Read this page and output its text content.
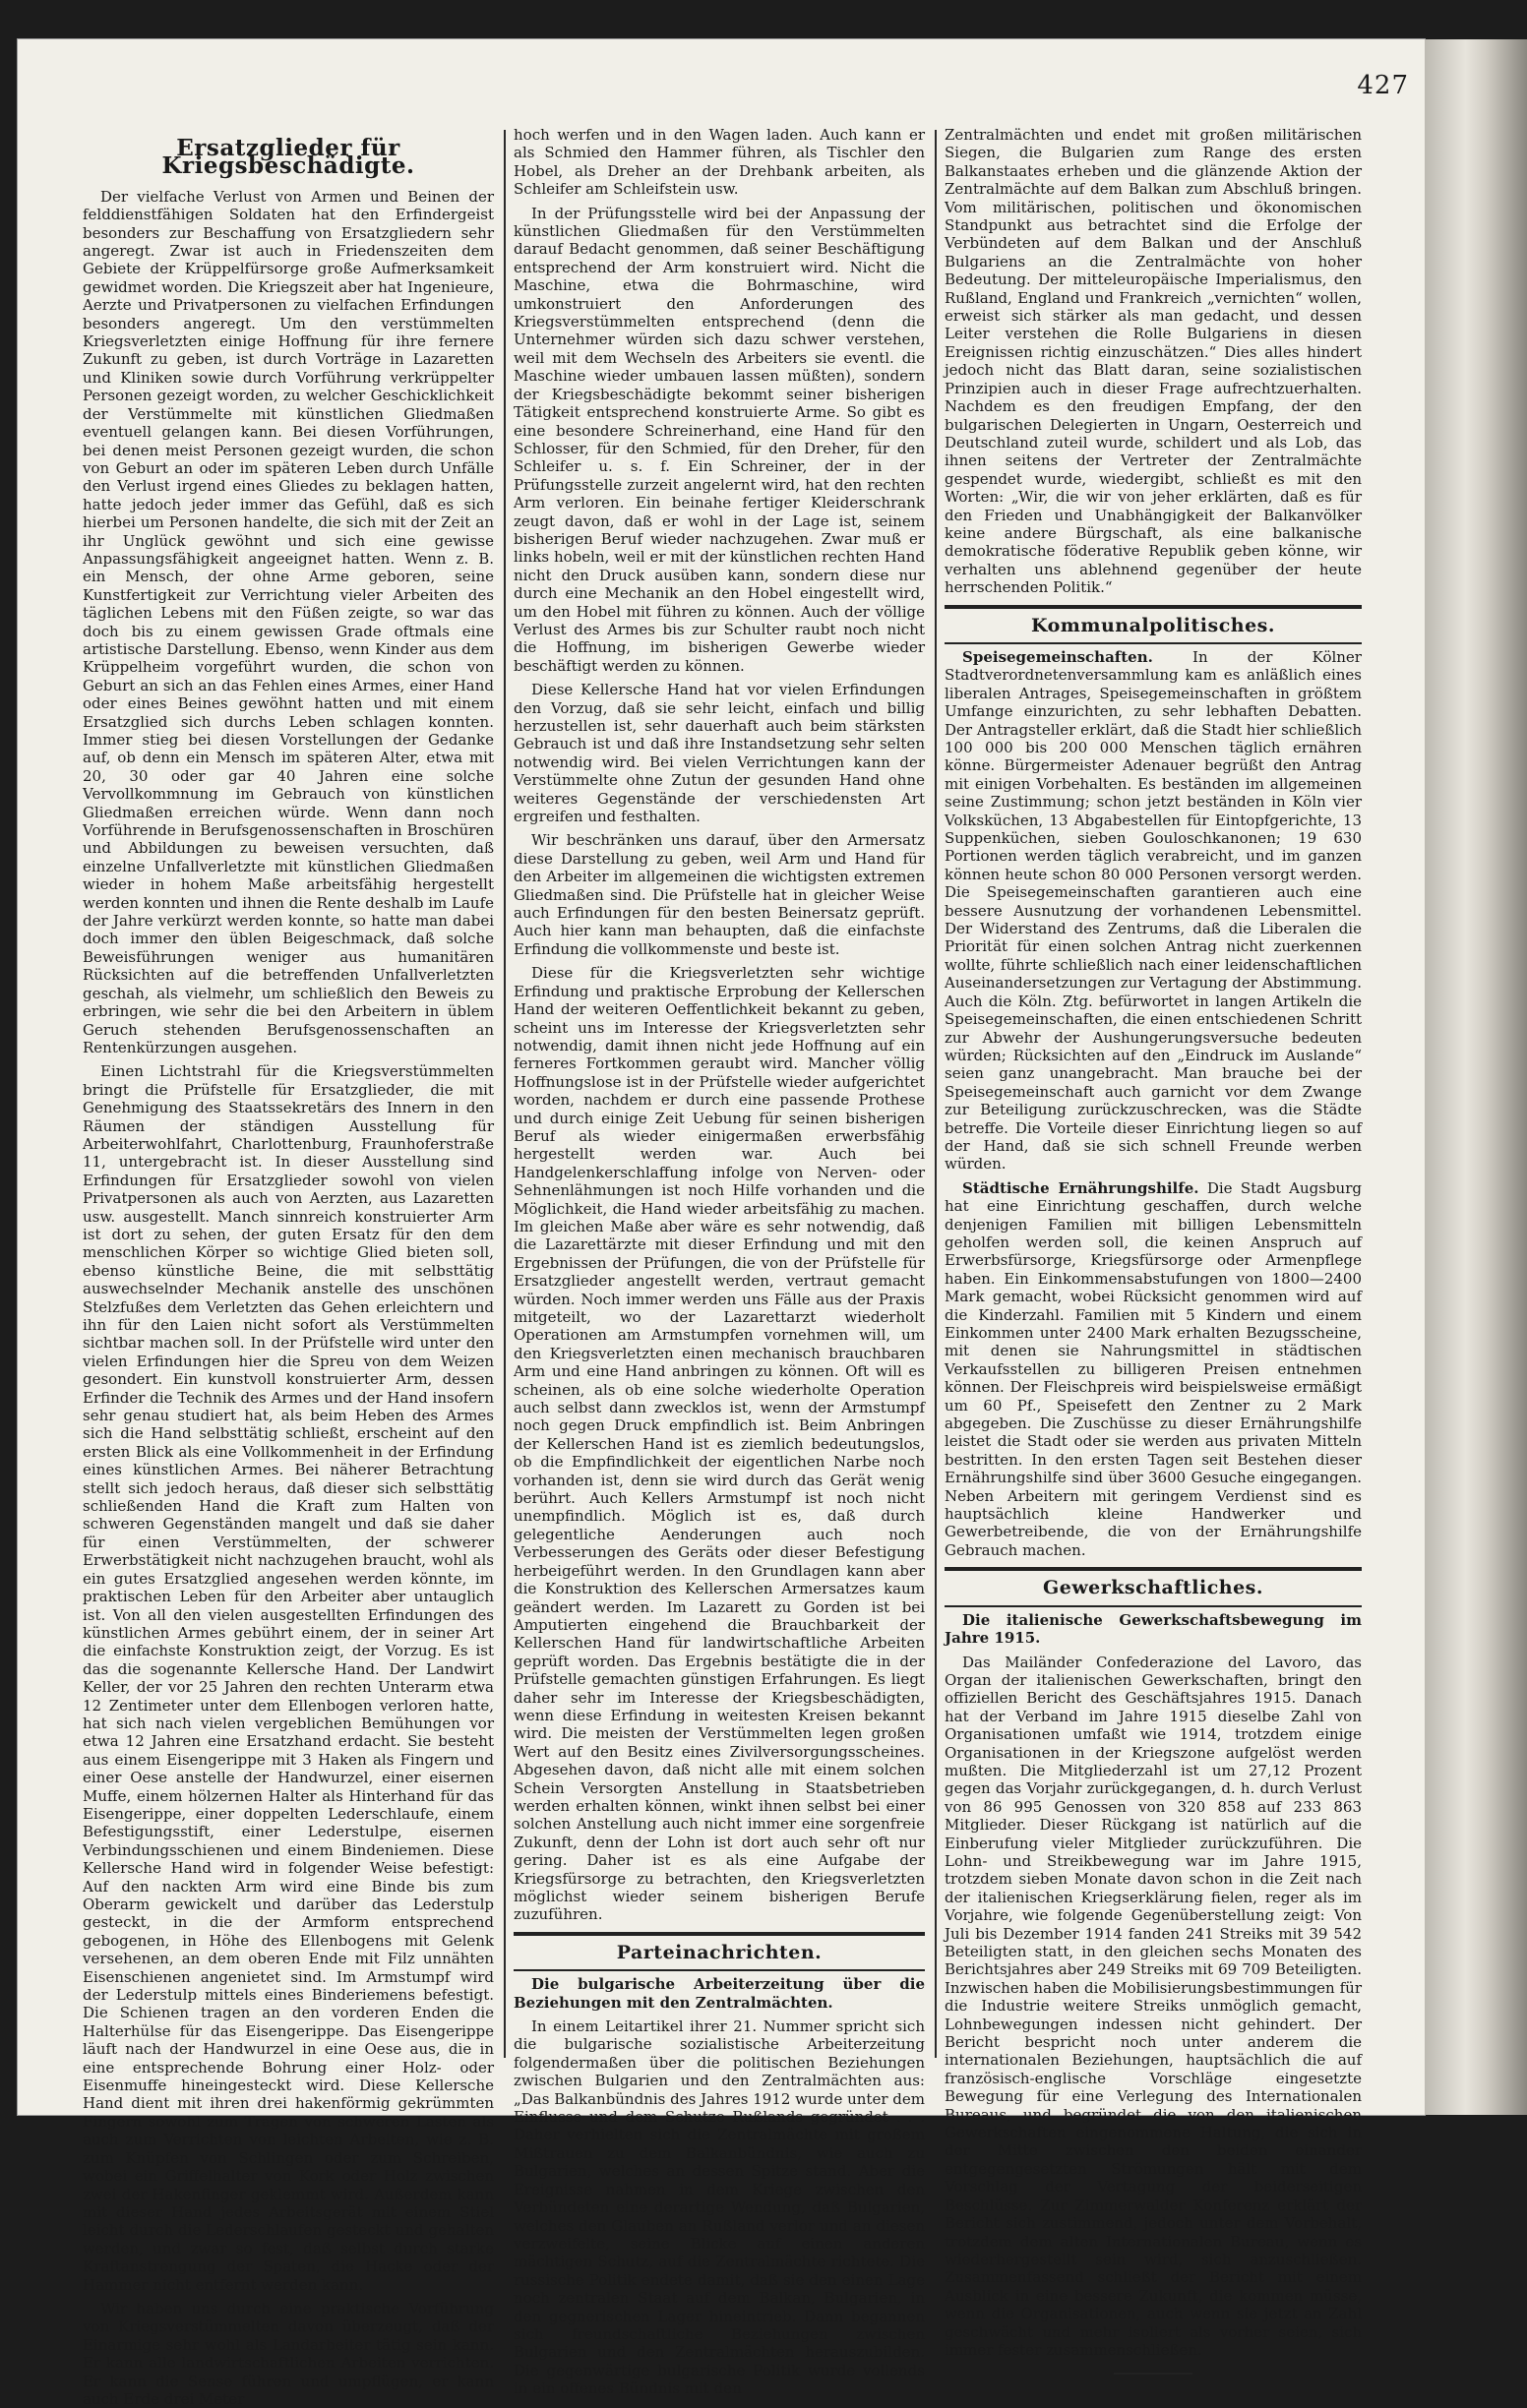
427
Ersatzglieder für Kriegsbeschädigte.

Der vielfache Verlust von Armen und Beinen der felddienstfähigen Soldaten hat den Erfindergeist besonders zur Beschaffung von Ersatzgliedern sehr angeregt. Zwar ist auch in Friedenszeiten dem Gebiete der Krüppelfürsorge große Aufmerksamkeit gewidmet worden. Die Kriegszeit aber hat Ingenieure, Aerzte und Privatpersonen zu vielfachen Erfindungen besonders angeregt. Um den verstümmelten Kriegsverletzten einige Hoffnung für ihre fernere Zukunft zu geben, ist durch Vorträge in Lazaretten und Kliniken sowie durch Vorführung verkrüppelter Personen gezeigt worden, zu welcher Geschicklichkeit der Verstümmelte mit künstlichen Gliedmaßen eventuell gelangen kann. Bei diesen Vorführungen, bei denen meist Personen gezeigt wurden, die schon von Geburt an oder im späteren Leben durch Unfälle den Verlust irgend eines Gliedes zu beklagen hatten, hatte jedoch jeder immer das Gefühl, daß es sich hierbei um Personen handelte, die sich mit der Zeit an ihr Unglück gewöhnt und sich eine gewisse Anpassungsfähigkeit angeeignet hatten. Wenn z. B. ein Mensch, der ohne Arme geboren, seine Kunstfertigkeit zur Verrichtung vieler Arbeiten des täglichen Lebens mit den Füßen zeigte, so war das doch bis zu einem gewissen Grade oftmals eine artistische Darstellung. Ebenso, wenn Kinder aus dem Krüppelheim vorgeführt wurden, die schon von Geburt an sich an das Fehlen eines Armes, einer Hand oder eines Beines gewöhnt hatten und mit einem Ersatzglied sich durchs Leben schlagen konnten. Immer stieg bei diesen Vorstellungen der Gedanke auf, ob denn ein Mensch im späteren Alter, etwa mit 20, 30 oder gar 40 Jahren eine solche Vervollkommnung im Gebrauch von künstlichen Gliedmaßen erreichen würde. Wenn dann noch Vorführende in Berufsgenossenschaften in Broschüren und Abbildungen zu beweisen versuchten, daß einzelne Unfallverletzte mit künstlichen Gliedmaßen wieder in hohem Maße arbeitsfähig hergestellt werden konnten und ihnen die Rente deshalb im Laufe der Jahre verkürzt werden konnte, so hatte man dabei doch immer den üblen Beigeschmack, daß solche Beweisführungen weniger aus humanitären Rücksichten auf die betreffenden Unfallverletzten geschah, als vielmehr, um schließlich den Beweis zu erbringen, wie sehr die bei den Arbeitern in üblem Geruch stehenden Berufsgenossenschaften an Rentenkürzungen ausgehen.

Einen Lichtstrahl für die Kriegsverstümmelten bringt die Prüfstelle für Ersatzglieder, die mit Genehmigung des Staatssekretärs des Innern in den Räumen der ständigen Ausstellung für Arbeiterwohlfahrt, Charlottenburg, Fraunhoferstraße 11, untergebracht ist. In dieser Ausstellung sind Erfindungen für Ersatzglieder sowohl von vielen Privatpersonen als auch von Aerzten, aus Lazaretten usw. ausgestellt. Manch sinnreich konstruierter Arm ist dort zu sehen, der guten Ersatz für den dem menschlichen Körper so wichtige Glied bieten soll, ebenso künstliche Beine, die mit selbsttätig auswechselnder Mechanik anstelle des unschönen Stelzfußes dem Verletzten das Gehen erleichtern und ihn für den Laien nicht sofort als Verstümmelten sichtbar machen soll. In der Prüfstelle wird unter den vielen Erfindungen hier die Spreu von dem Weizen gesondert. Ein kunstvoll konstruierter Arm, dessen Erfinder die Technik des Armes und der Hand insofern sehr genau studiert hat, als beim Heben des Armes sich die Hand selbsttätig schließt, erscheint auf den ersten Blick als eine Vollkommenheit in der Erfindung eines künstlichen Armes. Bei näherer Betrachtung stellt sich jedoch heraus, daß dieser sich selbsttätig schließenden Hand die Kraft zum Halten von schweren Gegenständen mangelt und daß sie daher für einen Verstümmelten, der schwerer Erwerbstätigkeit nicht nachzugehen braucht, wohl als ein gutes Ersatzglied angesehen werden könnte, im praktischen Leben für den Arbeiter aber untauglich ist. Von all den vielen ausgestellten Erfindungen des künstlichen Armes gebührt einem, der in seiner Art die einfachste Konstruktion zeigt, der Vorzug. Es ist das die sogenannte Kellersche Hand. Der Landwirt Keller, der vor 25 Jahren den rechten Unterarm etwa 12 Zentimeter unter dem Ellenbogen verloren hatte, hat sich nach vielen vergeblichen Bemühungen vor etwa 12 Jahren eine Ersatzhand erdacht. Sie besteht aus einem Eisengerippe mit 3 Haken als Fingern und einer Oese anstelle der Handwurzel, einer eisernen Muffe, einem hölzernen Halter als Hinterhand für das Eisengerippe, einer doppelten Lederschlaufe, einem Befestigungsstift, einer Lederstulpe, eisernen Verbindungsschienen und einem Bindeniemen. Diese Kellersche Hand wird in folgender Weise befestigt: Auf den nackten Arm wird eine Binde bis zum Oberarm gewickelt und darüber das Lederstulp gesteckt, in die der Armform entsprechend gebogenen, in Höhe des Ellenbogens mit Gelenk versehenen, an dem oberen Ende mit Filz unnähten Eisenschienen angenietet sind. Im Armstumpf wird der Lederstulp mittels eines Binderiemens befestigt. Die Schienen tragen an den vorderen Enden die Halterhülse für das Eisengerippe. Das Eisengerippe läuft nach der Handwurzel in eine Oese aus, die in eine entsprechende Bohrung einer Holz- oder Eisenmuffe hineingesteckt wird. Diese Kellersche Hand dient mit ihren drei hakenförmig gekrümmten Fingern sowohl zum Tragen von schweren Lasten als auch zum Verrichten von leichten Arbeiten, wie z. B. zum Knüpfen von Schlingen oder zum Schreiben, wobei ein Griffelhalter von Kork oder Holz zwischen zwei der Hakenfinger geklemmt wird. Außerdem kann mit dieser Hand jedes Arbeitsgerät mit einem Stiel leicht durch die Lederschlaufen gesteckt und gehalten werden, und zwar so fest, daß selbst durch starke Kraftanstrengung der Spaten, die Hacke oder der Hammer nicht entfernt werden kann.

Wir haben uns durch eine praktische Vorführung von Kriegsverstümmelten davon überzeugt, daß der Einarmige sehr wohl als Landarbeiter tätig sein kann. Er kann alle landwirtschaftlichen Arbeiten verrichten. Er kann die Sense führen und umpflügen, er kann auch Erde drei Meter

hoch werfen und in den Wagen laden. Auch kann er als Schmied den Hammer führen, als Tischler den Hobel, als Dreher an der Drehbank arbeiten, als Schleifer am Schleifstein usw.

In der Prüfungsstelle wird bei der Anpassung der künstlichen Gliedmaßen für den Verstümmelten darauf Bedacht genommen, daß seiner Beschäftigung entsprechend der Arm konstruiert wird. Nicht die Maschine, etwa die Bohrmaschine, wird umkonstruiert den Anforderungen des Kriegsverstümmelten entsprechend (denn die Unternehmer würden sich dazu schwer verstehen, weil mit dem Wechseln des Arbeiters sie eventl. die Maschine wieder umbauen lassen müßten), sondern der Kriegsbeschädigte bekommt seiner bisherigen Tätigkeit entsprechend konstruierte Arme. So gibt es eine besondere Schreinerhand, eine Hand für den Schlosser, für den Schmied, für den Dreher, für den Schleifer u. s. f. Ein Schreiner, der in der Prüfungsstelle zurzeit angelernt wird, hat den rechten Arm verloren. Ein beinahe fertiger Kleiderschrank zeugt davon, daß er wohl in der Lage ist, seinem bisherigen Beruf wieder nachzugehen. Zwar muß er links hobeln, weil er mit der künstlichen rechten Hand nicht den Druck ausüben kann, sondern diese nur durch eine Mechanik an den Hobel eingestellt wird, um den Hobel mit führen zu können. Auch der völlige Verlust des Armes bis zur Schulter raubt noch nicht die Hoffnung, im bisherigen Gewerbe wieder beschäftigt werden zu können.

Diese Kellersche Hand hat vor vielen Erfindungen den Vorzug, daß sie sehr leicht, einfach und billig herzustellen ist, sehr dauerhaft auch beim stärksten Gebrauch ist und daß ihre Instandsetzung sehr selten notwendig wird. Bei vielen Verrichtungen kann der Verstümmelte ohne Zutun der gesunden Hand ohne weiteres Gegenstände der verschiedensten Art ergreifen und festhalten.

Wir beschränken uns darauf, über den Armersatz diese Darstellung zu geben, weil Arm und Hand für den Arbeiter im allgemeinen die wichtigsten extremen Gliedmaßen sind. Die Prüfstelle hat in gleicher Weise auch Erfindungen für den besten Beinersatz geprüft. Auch hier kann man behaupten, daß die einfachste Erfindung die vollkommenste und beste ist.

Diese für die Kriegsverletzten sehr wichtige Erfindung und praktische Erprobung der Kellerschen Hand der weiteren Oeffentlichkeit bekannt zu geben, scheint uns im Interesse der Kriegsverletzten sehr notwendig, damit ihnen nicht jede Hoffnung auf ein ferneres Fortkommen geraubt wird. Mancher völlig Hoffnungslose ist in der Prüfstelle wieder aufgerichtet worden, nachdem er durch eine passende Prothese und durch einige Zeit Uebung für seinen bisherigen Beruf als wieder einigermaßen erwerbsfähig hergestellt werden war. Auch bei Handgelenkerschlaffung infolge von Nerven- oder Sehnenlähmungen ist noch Hilfe vorhanden und die Möglichkeit, die Hand wieder arbeitsfähig zu machen. Im gleichen Maße aber wäre es sehr notwendig, daß die Lazarettärzte mit dieser Erfindung und mit den Ergebnissen der Prüfungen, die von der Prüfstelle für Ersatzglieder angestellt werden, vertraut gemacht würden. Noch immer werden uns Fälle aus der Praxis mitgeteilt, wo der Lazarettarzt wiederholt Operationen am Armstumpfen vornehmen will, um den Kriegsverletzten einen mechanisch brauchbaren Arm und eine Hand anbringen zu können. Oft will es scheinen, als ob eine solche wiederholte Operation auch selbst dann zwecklos ist, wenn der Armstumpf noch gegen Druck empfindlich ist. Beim Anbringen der Kellerschen Hand ist es ziemlich bedeutungslos, ob die Empfindlichkeit der eigentlichen Narbe noch vorhanden ist, denn sie wird durch das Gerät wenig berührt. Auch Kellers Armstumpf ist noch nicht unempfindlich. Möglich ist es, daß durch gelegentliche Aenderungen auch noch Verbesserungen des Geräts oder dieser Befestigung herbeigeführt werden. In den Grundlagen kann aber die Konstruktion des Kellerschen Armersatzes kaum geändert werden. Im Lazarett zu Gorden ist bei Amputierten eingehend die Brauchbarkeit der Kellerschen Hand für landwirtschaftliche Arbeiten geprüft worden. Das Ergebnis bestätigte die in der Prüfstelle gemachten günstigen Erfahrungen. Es liegt daher sehr im Interesse der Kriegsbeschädigten, wenn diese Erfindung in weitesten Kreisen bekannt wird. Die meisten der Verstümmelten legen großen Wert auf den Besitz eines Zivilversorgungsscheines. Abgesehen davon, daß nicht alle mit einem solchen Schein Versorgten Anstellung in Staatsbetrieben werden erhalten können, winkt ihnen selbst bei einer solchen Anstellung auch nicht immer eine sorgenfreie Zukunft, denn der Lohn ist dort auch sehr oft nur gering. Daher ist es als eine Aufgabe der Kriegsfürsorge zu betrachten, den Kriegsverletzten möglichst wieder seinem bisherigen Berufe zuzuführen.

Parteinachrichten.

Die bulgarische Arbeiterzeitung über die Beziehungen mit den Zentralmächten.

In einem Leitartikel ihrer 21. Nummer spricht sich die bulgarische sozialistische Arbeiterzeitung folgendermaßen über die politischen Beziehungen zwischen Bulgarien und den Zentralmächten aus: „Das Balkanbündnis des Jahres 1912 wurde unter dem Einflusse und dem Schutze Rußlands gegründet . . . Daher verhielten sich die Zentralmächte mit großem Mißtrauen zu dem Balkanbündnis, wie auch zu Bulgarien, welches an dessen Spitze stand. Aber die Ereignisse nahmen in dem Kriege zwischen den Verbündeten eine derartige Wendung, daß Bulgarien, welches den Glauben an Rußland verlor und an diesen verzweifelte, seine Blicke auf einen anderen mächtigen Schutz, auf die Zentralmächte richtete. Die russische Politik endete damit, daß sie den einen Lage noch zentralen Staat auf dem Balkan, Bulgarien, in den gegnerischen Lager hineintrieb. Dann begannen sich freundschaftliche Beziehungen zwischen Bulgarien und den Zentralmächten herauszubilden. Die gegenwärtige bulgarische Politik wurde vollends in ein offenes Bündnis mit den

Zentralmächten und endet mit großen militärischen Siegen, die Bulgarien zum Range des ersten Balkanstaates erheben und die glänzende Aktion der Zentralmächte auf dem Balkan zum Abschluß bringen. Vom militärischen, politischen und ökonomischen Standpunkt aus betrachtet sind die Erfolge der Verbündeten auf dem Balkan und der Anschluß Bulgariens an die Zentralmächte von hoher Bedeutung. Der mitteleuropäische Imperialismus, den Rußland, England und Frankreich „vernichten“ wollen, erweist sich stärker als man gedacht, und dessen Leiter verstehen die Rolle Bulgariens in diesen Ereignissen richtig einzuschätzen.“ Dies alles hindert jedoch nicht das Blatt daran, seine sozialistischen Prinzipien auch in dieser Frage aufrechtzuerhalten. Nachdem es den freudigen Empfang, der den bulgarischen Delegierten in Ungarn, Oesterreich und Deutschland zuteil wurde, schildert und als Lob, das ihnen seitens der Vertreter der Zentralmächte gespendet wurde, wiedergibt, schließt es mit den Worten: „Wir, die wir von jeher erklärten, daß es für den Frieden und Unabhängigkeit der Balkanvölker keine andere Bürgschaft, als eine balkanische demokratische föderative Republik geben könne, wir verhalten uns ablehnend gegenüber der heute herrschenden Politik.“

Kommunalpolitisches.

Speisegemeinschaften.	In der Kölner Stadtverordnetenversammlung kam es anläßlich eines liberalen Antrages, Speisegemeinschaften in größtem Umfange einzurichten, zu sehr lebhaften Debatten. Der Antragsteller erklärt, daß die Stadt hier schließlich 100 000 bis 200 000 Menschen täglich ernähren könne. Bürgermeister Adenauer begrüßt den Antrag mit einigen Vorbehalten. Es beständen im allgemeinen seine Zustimmung; schon jetzt beständen in Köln vier Volksküchen, 13 Abgabestellen für Eintopfgerichte, 13 Suppenküchen, sieben Gouloschkanonen; 19 630 Portionen werden täglich verabreicht, und im ganzen können heute schon 80 000 Personen versorgt werden. Die Speisegemeinschaften garantieren auch eine bessere Ausnutzung der vorhandenen Lebensmittel. Der Widerstand des Zentrums, daß die Liberalen die Priorität für einen solchen Antrag nicht zuerkennen wollte, führte schließlich nach einer leidenschaftlichen Auseinandersetzungen zur Vertagung der Abstimmung. Auch die Köln. Ztg. befürwortet in langen Artikeln die Speisegemeinschaften, die einen entschiedenen Schritt zur Abwehr der Aushungerungsversuche bedeuten würden; Rücksichten auf den „Eindruck im Auslande“ seien ganz unangebracht. Man brauche bei der Speisegemeinschaft auch garnicht vor dem Zwange zur Beteiligung zurückzuschrecken, was die Städte betreffe. Die Vorteile dieser Einrichtung liegen so auf der Hand, daß sie sich schnell Freunde werben würden.

Städtische Ernährungshilfe. Die Stadt Augsburg hat eine Einrichtung geschaffen, durch welche denjenigen Familien mit billigen Lebensmitteln geholfen werden soll, die keinen Anspruch auf Erwerbsfürsorge, Kriegsfürsorge oder Armenpflege haben. Ein Einkommensabstufungen von 1800—2400 Mark gemacht, wobei Rücksicht genommen wird auf die Kinderzahl. Familien mit 5 Kindern und einem Einkommen unter 2400 Mark erhalten Bezugsscheine, mit denen sie Nahrungsmittel in städtischen Verkaufsstellen zu billigeren Preisen entnehmen können. Der Fleischpreis wird beispielsweise ermäßigt um 60 Pf., Speisefett den Zentner zu 2 Mark abgegeben. Die Zuschüsse zu dieser Ernährungshilfe leistet die Stadt oder sie werden aus privaten Mitteln bestritten. In den ersten Tagen seit Bestehen dieser Ernährungshilfe sind über 3600 Gesuche eingegangen. Neben Arbeitern mit geringem Verdienst sind es hauptsächlich kleine Handwerker und Gewerbetreibende, die von der Ernährungshilfe Gebrauch machen.

Gewerkschaftliches.

Die italienische Gewerkschaftsbewegung im Jahre 1915.

Das Mailänder Confederazione del Lavoro, das Organ der italienischen Gewerkschaften, bringt den offiziellen Bericht des Geschäftsjahres 1915. Danach hat der Verband im Jahre 1915 dieselbe Zahl von Organisationen umfaßt wie 1914, trotzdem einige Organisationen in der Kriegszone aufgelöst werden mußten. Die Mitgliederzahl ist um 27,12 Prozent gegen das Vorjahr zurückgegangen, d. h. durch Verlust von 86 995 Genossen von 320 858 auf 233 863 Mitglieder. Dieser Rückgang ist natürlich auf die Einberufung vieler Mitglieder zurückzuführen. Die Lohn- und Streikbewegung war im Jahre 1915, trotzdem sieben Monate davon schon in die Zeit nach der italienischen Kriegserklärung fielen, reger als im Vorjahre, wie folgende Gegenüberstellung zeigt: Von Juli bis Dezember 1914 fanden 241 Streiks mit 39 542 Beteiligten statt, in den gleichen sechs Monaten des Berichtsjahres aber 249 Streiks mit 69 709 Beteiligten. Inzwischen haben die Mobilisierungsbestimmungen für die Industrie weitere Streiks unmöglich gemacht, Lohnbewegungen indessen nicht gehindert. Der Bericht bespricht noch unter anderem die internationalen Beziehungen, hauptsächlich die auf französisch-englische Vorschläge eingesetzte Bewegung für eine Verlegung des Internationalen Bureaus, und begründet die von den italienischen Gewerkschaften eingenommene Haltung, die sich in der Mitte zwischen den beiden einander entgegengesetzten Strömungen hält mit dem Vorschlag der Vertagung der beiderseitigen Beschlüsse. Zur Zimmerwalder Konferenz erklärt der Bericht sich zustimmend, jedoch unter dem Vorbehalt, trotzdem dem alten Internationalen Bureau, wenn es wiederhergestellt sein wird, sich anzuschließen. Zusammenfassend schließt der Bericht mit einem Ausblick in eine bessere Zukunft, die kommen müsse, wenn die Organisationen, auch wenn sie jetzt an Zahl geschwächt und mehr isoliert als vorher seien, sich immer fester zusammenschließen.
